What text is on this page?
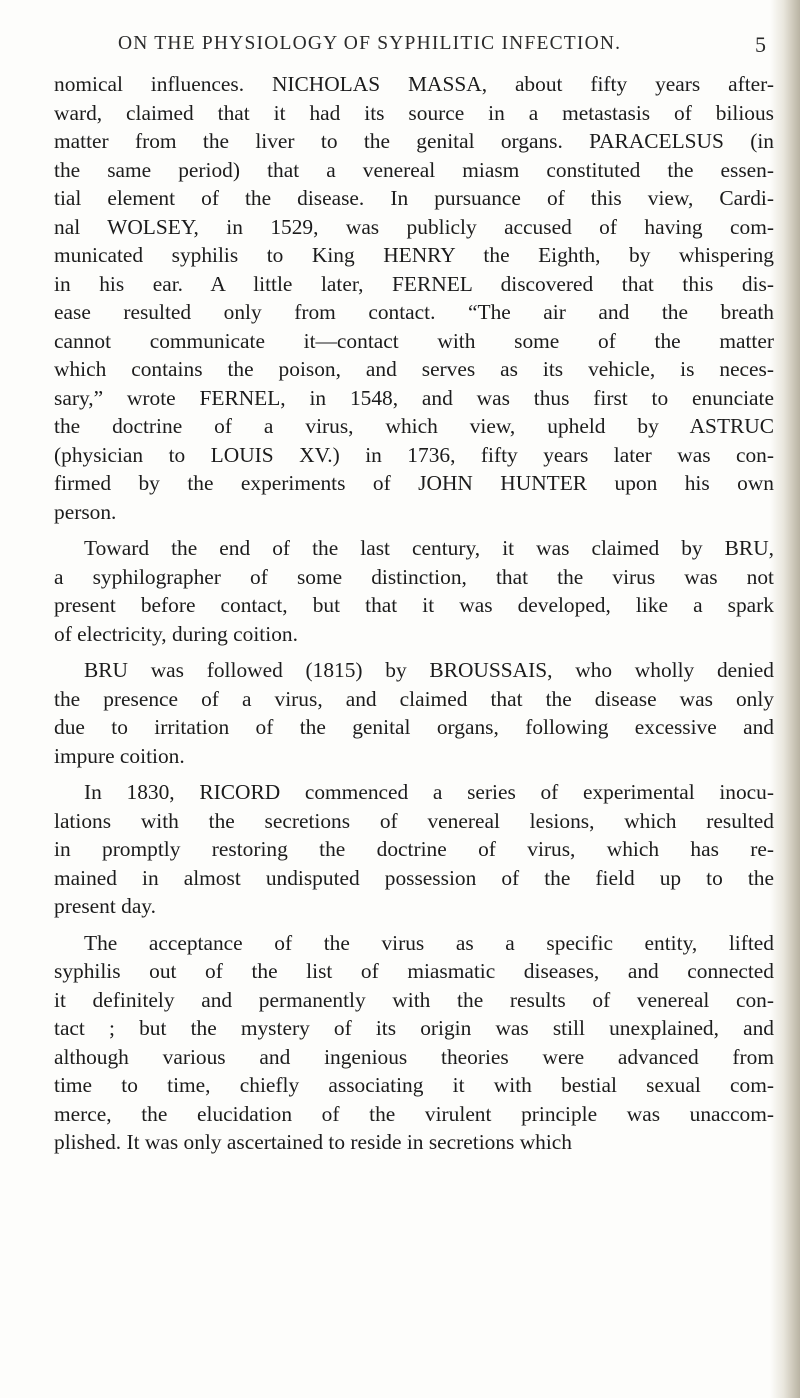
ON THE PHYSIOLOGY OF SYPHILITIC INFECTION.	5
nomical influences. NICHOLAS MASSA, about fifty years after-
ward, claimed that it had its source in a metastasis of bilious
matter from the liver to the genital organs. PARACELSUS (in
the same period) that a venereal miasm constituted the essen-
tial element of the disease. In pursuance of this view, Cardi-
nal WOLSEY, in 1529, was publicly accused of having com-
municated syphilis to King HENRY the Eighth, by whispering
in his ear. A little later, FERNEL discovered that this dis-
ease resulted only from contact. “The air and the breath
cannot communicate it—contact with some of the matter
which contains the poison, and serves as its vehicle, is neces-
sary,” wrote FERNEL, in 1548, and was thus first to enunciate
the doctrine of a virus, which view, upheld by ASTRUC
(physician to LOUIS XV.) in 1736, fifty years later was con-
firmed by the experiments of JOHN HUNTER upon his own
person.
Toward the end of the last century, it was claimed by BRU,
a syphilographer of some distinction, that the virus was not
present before contact, but that it was developed, like a spark
of electricity, during coition.
BRU was followed (1815) by BROUSSAIS, who wholly denied
the presence of a virus, and claimed that the disease was only
due to irritation of the genital organs, following excessive and
impure coition.
In 1830, RICORD commenced a series of experimental inocu-
lations with the secretions of venereal lesions, which resulted
in promptly restoring the doctrine of virus, which has re-
mained in almost undisputed possession of the field up to the
present day.
The acceptance of the virus as a specific entity, lifted
syphilis out of the list of miasmatic diseases, and connected
it definitely and permanently with the results of venereal con-
tact ; but the mystery of its origin was still unexplained, and
although various and ingenious theories were advanced from
time to time, chiefly associating it with bestial sexual com-
merce, the elucidation of the virulent principle was unaccom-
plished. It was only ascertained to reside in secretions which
